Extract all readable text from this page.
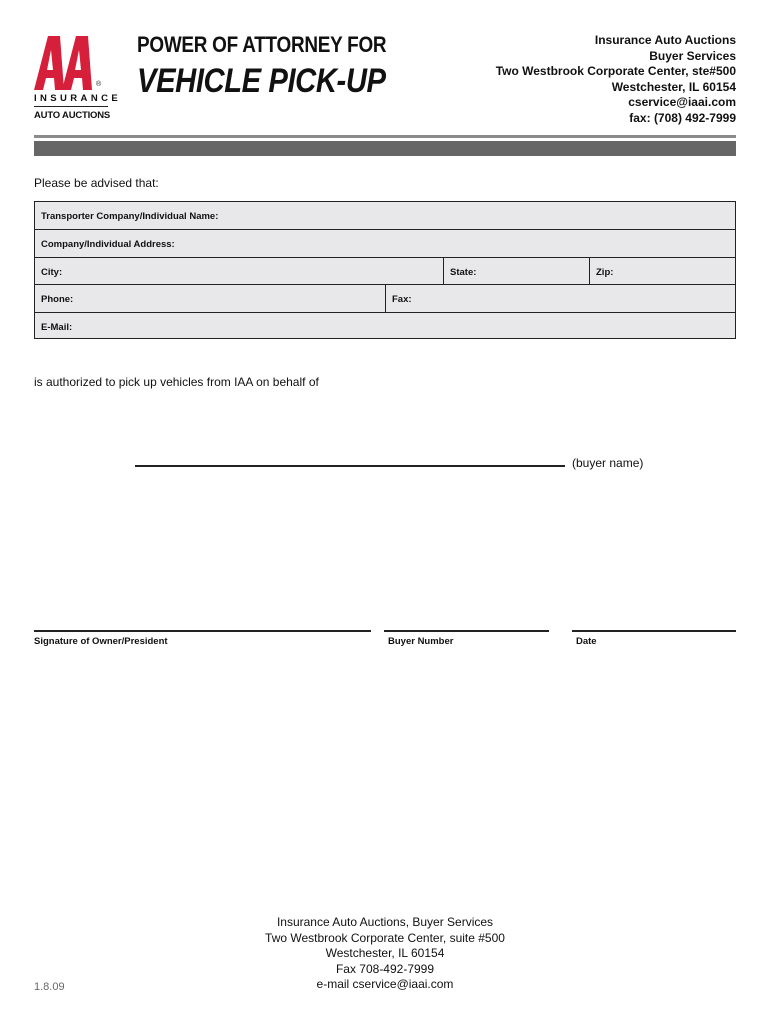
®
INSURANCE
AUTO AUCTIONS
POWER OF ATTORNEY FOR
VEHICLE PICK-UP
Insurance Auto Auctions
Buyer Services
Two Westbrook Corporate Center, ste#500
Westchester, IL 60154
cservice@iaai.com
fax: (708) 492-7999
Please be advised that:
Transporter Company/Individual Name:
Company/Individual Address:
City:	State:	Zip:
Phone:	Fax:
E-Mail:
is authorized to pick up vehicles from IAA on behalf of
(buyer name)
Signature of Owner/President	Buyer Number	Date
Insurance Auto Auctions, Buyer Services
Two Westbrook Corporate Center, suite #500
Westchester, IL 60154
Fax 708-492-7999
e-mail cservice@iaai.com
1.8.09
